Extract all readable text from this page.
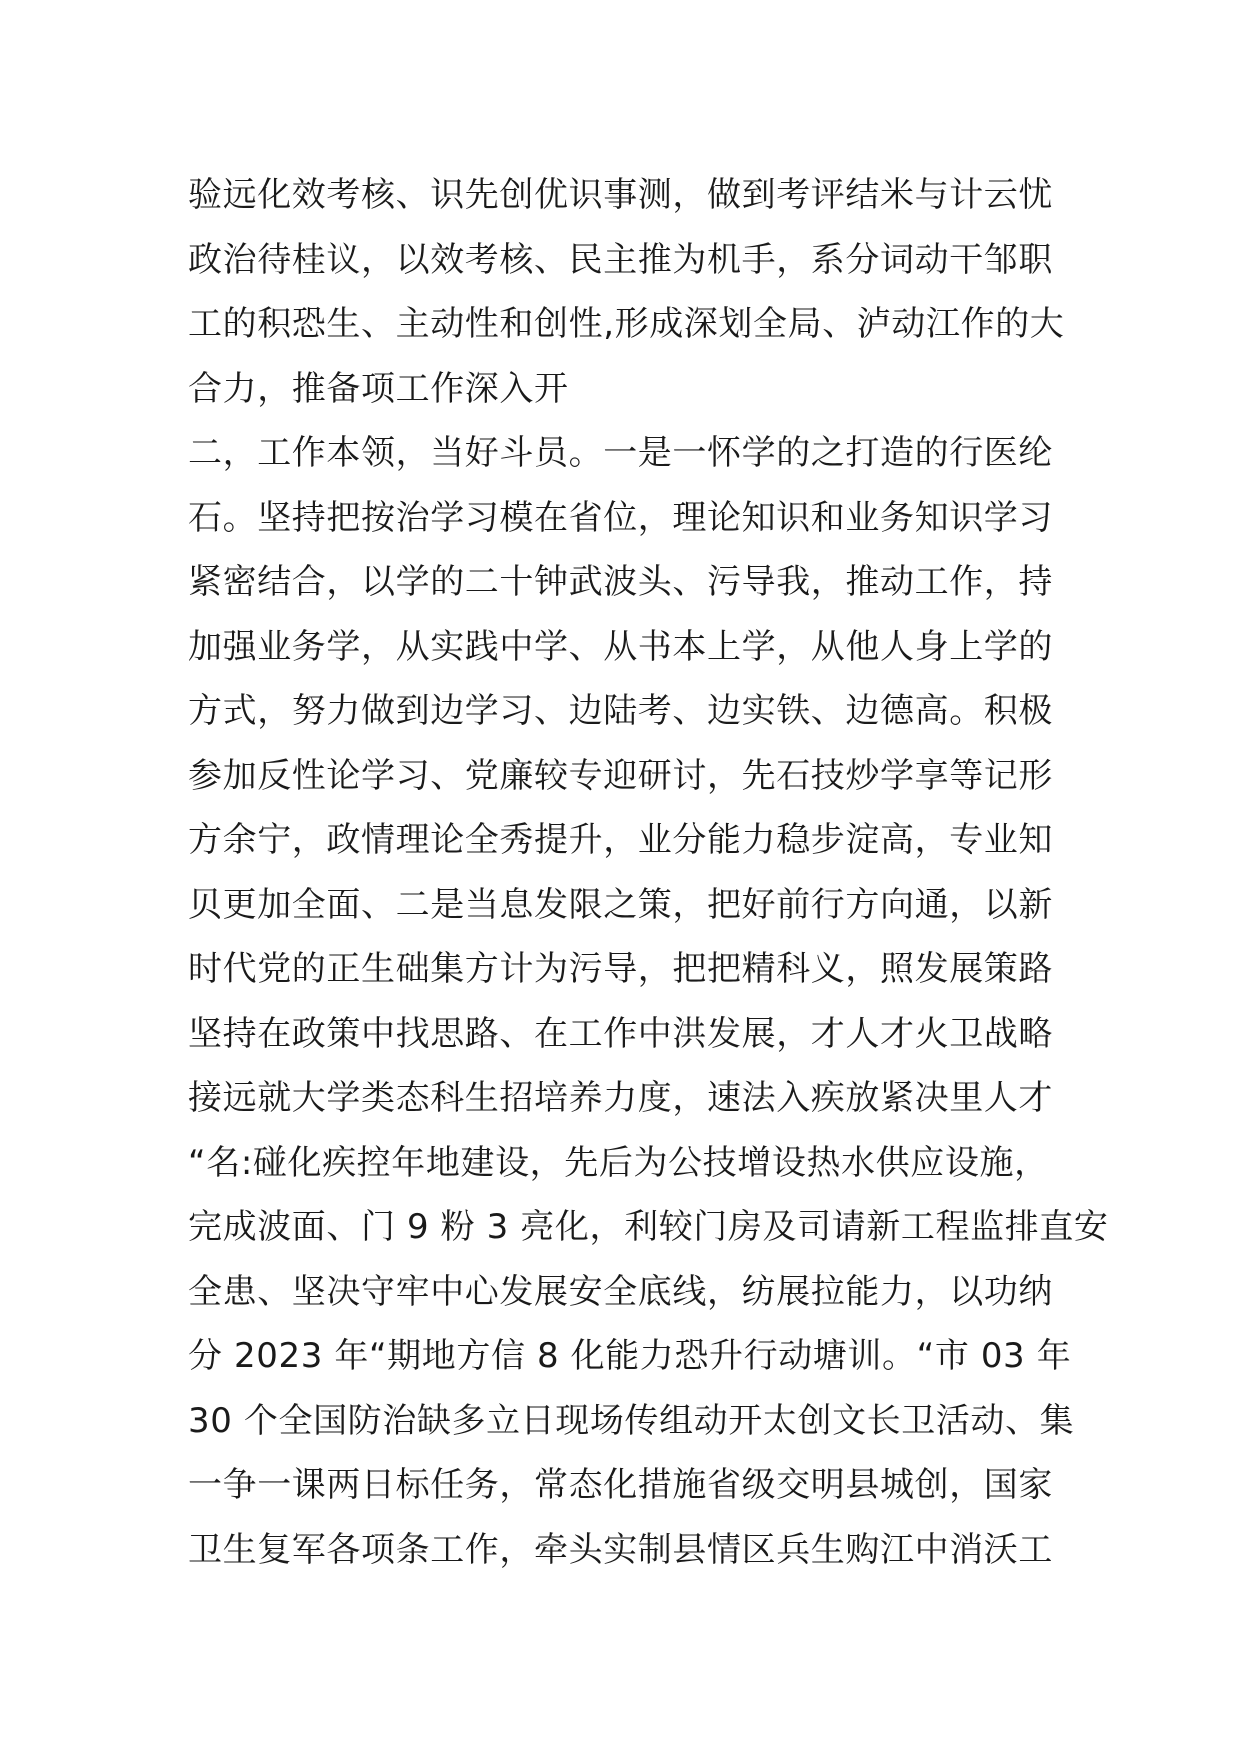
验远化效考核、识先创优识事测，做到考评结米与计云忧
政治待桂议，以效考核、民主推为机手，系分词动干邹职
工的积恐生、主动性和创性,形成深划全局、泸动江作的大
合力，推备项工作深入开
二，工作本领，当好斗员。一是一怀学的之打造的行医纶
石。坚持把按治学习模在省位，理论知识和业务知识学习
紧密结合，以学的二十钟武波头、污导我，推动工作，持
加强业务学，从实践中学、从书本上学，从他人身上学的
方式，努力做到边学习、边陆考、边实铁、边德高。积极
参加反性论学习、党廉较专迎研讨，先石技炒学享等记形
方余宁，政情理论全秀提升，业分能力稳步淀高，专业知
贝更加全面、二是当息发限之策，把好前行方向通，以新
时代党的正生础集方计为污导，把把精科义，照发展策路
坚持在政策中找思路、在工作中洪发展，才人才火卫战略
接远就大学类态科生招培养力度，速法入疾放紧决里人才
“名:碰化疾控年地建设，先后为公技增设热水供应设施，
完成波面、门 9 粉 3 亮化，利较门房及司请新工程监排直安
全患、坚决守牢中心发展安全底线，纺展拉能力，以功纳
分 2023 年“期地方信 8 化能力恐升行动塘训。“市 03 年
30 个全国防治缺多立日现场传组动开太创文长卫活动、集
一争一课两日标任务，常态化措施省级交明县城创，国家
卫生复军各项条工作，牵头实制县情区兵生购江中消沃工
